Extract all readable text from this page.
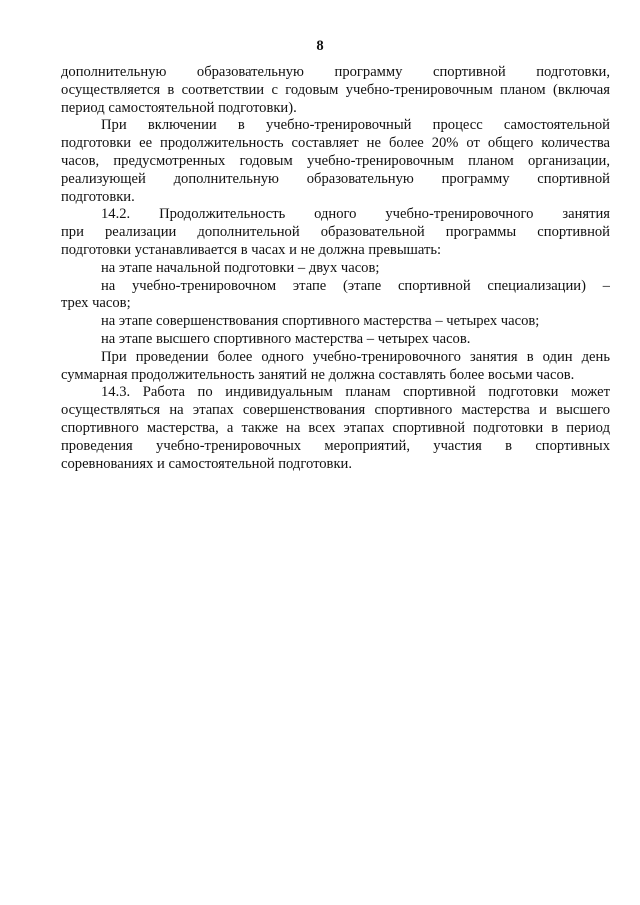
8
дополнительную образовательную программу спортивной подготовки,
осуществляется в соответствии с годовым учебно-тренировочным планом (включая
период самостоятельной подготовки).
При включении в учебно-тренировочный процесс самостоятельной
подготовки ее продолжительность составляет не более 20% от общего количества
часов, предусмотренных годовым учебно-тренировочным планом организации,
реализующей дополнительную образовательную программу спортивной
подготовки.
14.2. Продолжительность одного учебно-тренировочного занятия
при реализации дополнительной образовательной программы спортивной
подготовки устанавливается в часах и не должна превышать:
на этапе начальной подготовки – двух часов;
на учебно-тренировочном этапе (этапе спортивной специализации) –
трех часов;
на этапе совершенствования спортивного мастерства – четырех часов;
на этапе высшего спортивного мастерства – четырех часов.
При проведении более одного учебно-тренировочного занятия в один день
суммарная продолжительность занятий не должна составлять более восьми часов.
14.3. Работа по индивидуальным планам спортивной подготовки может
осуществляться на этапах совершенствования спортивного мастерства и высшего
спортивного мастерства, а также на всех этапах спортивной подготовки в период
проведения учебно-тренировочных мероприятий, участия в спортивных
соревнованиях и самостоятельной подготовки.
